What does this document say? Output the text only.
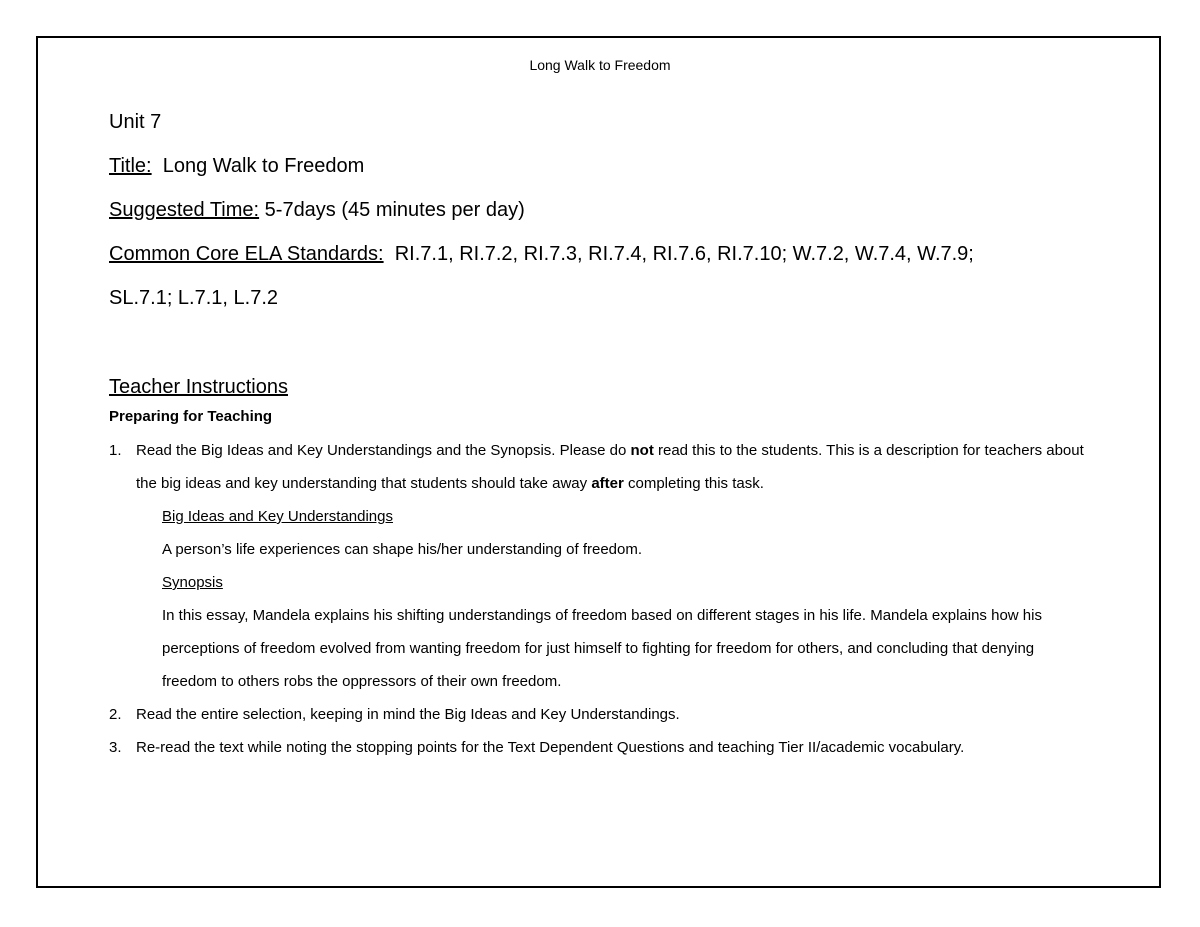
Long Walk to Freedom
Unit 7
Title: Long Walk to Freedom
Suggested Time: 5-7days (45 minutes per day)
Common Core ELA Standards: RI.7.1, RI.7.2, RI.7.3, RI.7.4, RI.7.6, RI.7.10; W.7.2, W.7.4, W.7.9;
SL.7.1; L.7.1, L.7.2
Teacher Instructions
Preparing for Teaching
1. Read the Big Ideas and Key Understandings and the Synopsis. Please do not read this to the students. This is a description for teachers about the big ideas and key understanding that students should take away after completing this task.
Big Ideas and Key Understandings
A person’s life experiences can shape his/her understanding of freedom.
Synopsis
In this essay, Mandela explains his shifting understandings of freedom based on different stages in his life. Mandela explains how his perceptions of freedom evolved from wanting freedom for just himself to fighting for freedom for others, and concluding that denying freedom to others robs the oppressors of their own freedom.
2. Read the entire selection, keeping in mind the Big Ideas and Key Understandings.
3. Re-read the text while noting the stopping points for the Text Dependent Questions and teaching Tier II/academic vocabulary.
